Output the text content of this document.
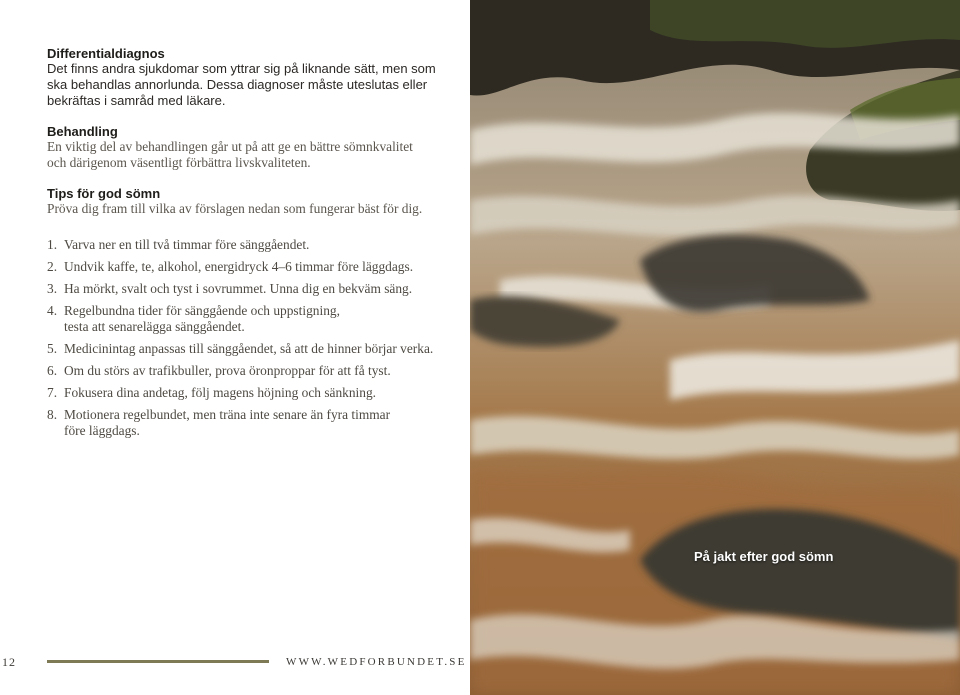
Differentialdiagnos

Det finns andra sjukdomar som yttrar sig på liknande sätt, men som

ska behandlas annorlunda. Dessa diagnoser måste uteslutas eller

bekräftas i samråd med läkare.

Behandling

En viktig del av behandlingen går ut på att ge en bättre sömnkvalitet

och därigenom väsentligt förbättra livskvaliteten.

Tips för god sömn

Pröva dig fram till vilka av förslagen nedan som fungerar bäst för dig.

1. Varva ner en till två timmar före sänggåendet.
2. Undvik kaffe, te, alkohol, energidryck 4–6 timmar före läggdags.
3. Ha mörkt, svalt och tyst i sovrummet. Unna dig en bekväm säng.
4. Regelbundna tider för sänggående och uppstigning,
testa att senarelägga sänggåendet.
5. Medicinintag anpassas till sänggåendet, så att de hinner börjar verka.
6. Om du störs av trafikbuller, prova öronproppar för att få tyst.
7. Fokusera dina andetag, följ magens höjning och sänkning.
8. Motionera regelbundet, men träna inte senare än fyra timmar
före läggdags.
12	WWW.WEDFORBUNDET.SE
På jakt efter god sömn
